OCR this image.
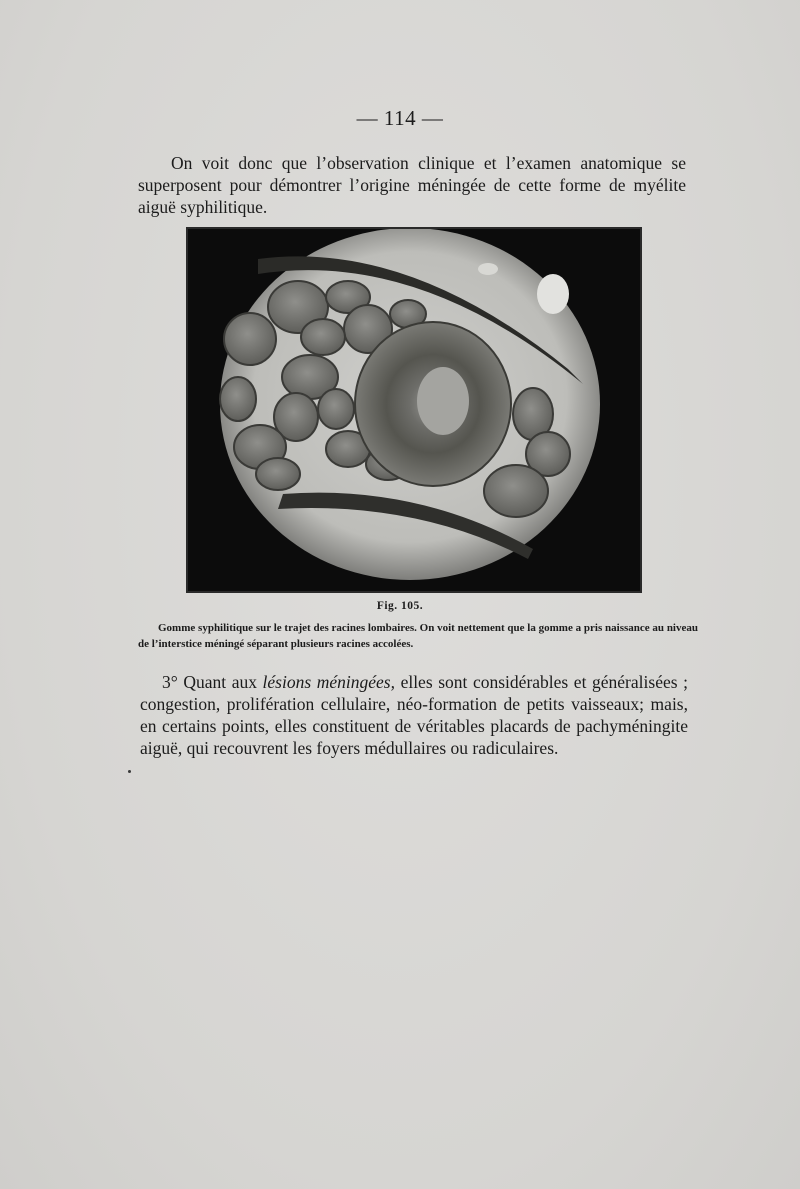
— 114 —

On voit donc que l’observation clinique et l’examen anatomique se superposent pour démontrer l’origine méningée de cette forme de myélite aiguë syphilitique.

Fig. 105.

Gomme syphilitique sur le trajet des racines lombaires. On voit nettement que la gomme a pris naissance au niveau de l’interstice méningé séparant plusieurs racines accolées.

3° Quant aux lésions méningées, elles sont considérables et généralisées ; congestion, prolifération cellulaire, néo-formation de petits vaisseaux; mais, en certains points, elles constituent de véritables placards de pachyméningite aiguë, qui recouvrent les foyers médullaires ou radiculaires.
